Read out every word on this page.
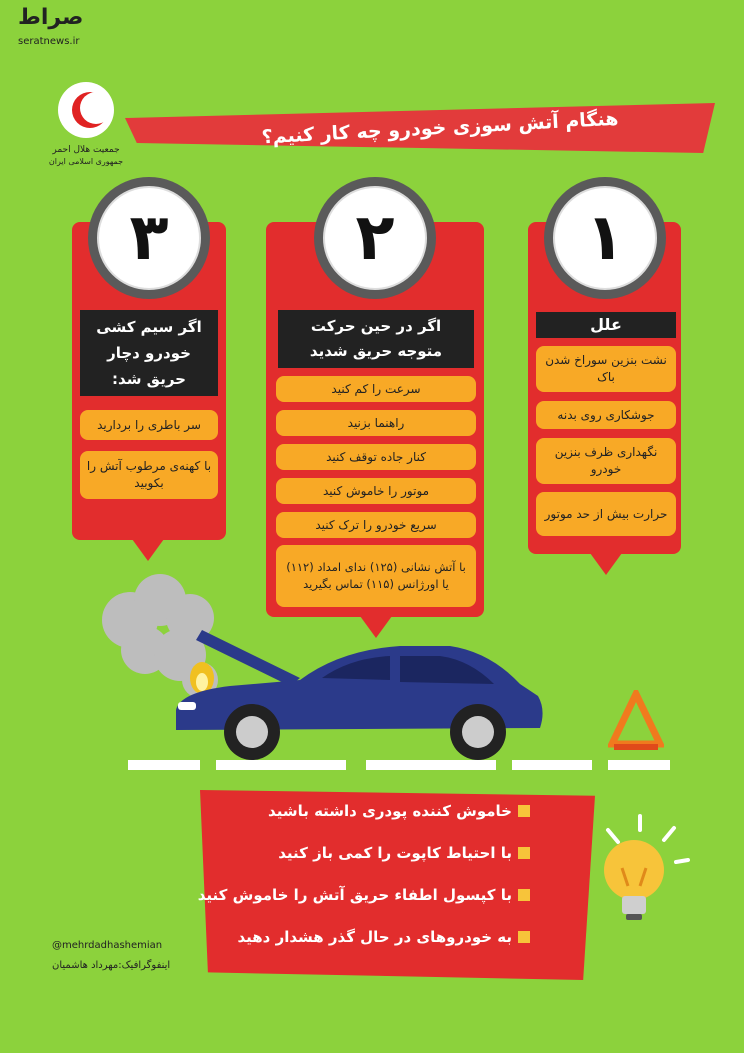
صراط
seratnews.ir
جمعیت هلال احمر
جمهوری اسلامی ایران
هنگام آتش سوزی خودرو چه کار کنیم؟
۱
علل
نشت بنزین سوراخ شدن باک
جوشکاری روی بدنه
نگهداری ظرف بنزین خودرو
حرارت بیش از حد موتور
۲
اگر در حین حرکت
متوجه حریق شدید
سرعت را کم کنید
راهنما بزنید
کنار جاده توقف کنید
موتور را خاموش کنید
سریع خودرو را ترک کنید
با آتش نشانی (۱۲۵) ندای امداد (۱۱۲) یا اورژانس (۱۱۵) تماس بگیرید
۳
اگر سیم کشی
خودرو دچار
حریق شد:
سر باطری را بردارید
با کهنه‌ی مرطوب آتش را بکوبید
خاموش کننده پودری داشته باشید
با احتیاط کاپوت را کمی باز کنید
با کپسول اطفاء حریق آتش را خاموش کنید
به خودروهای در حال گذر هشدار دهید
@mehrdadhashemian
اینفوگرافیک:مهرداد هاشمیان
